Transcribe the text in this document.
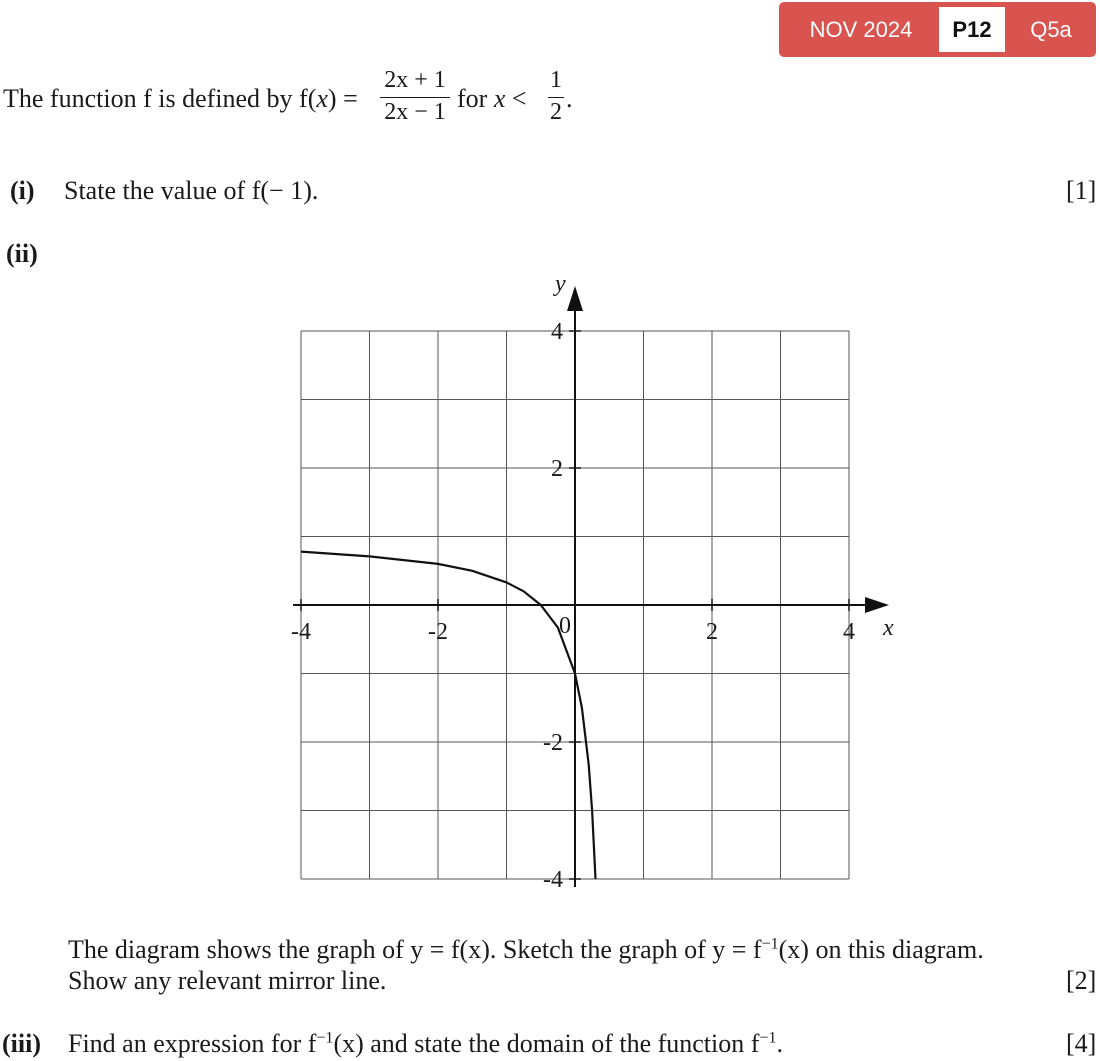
NOV 2024	P12	Q5a
The function f is defined by f(x) =
2x + 1
2x − 1 for x <
1
2 .
(i) State the value of f(− 1).	[1]
(ii)
-4	-2	2	4
4
2
-2
-4
0	x
y
The diagram shows the graph of y = f(x). Sketch the graph of $y = f^{-1}(x)$ on this diagram.
Show any relevant mirror line.	[2]
(iii) Find an expression for $f^{-1}(x)$ and state the domain of the function $f^{-1}$.	[4]
